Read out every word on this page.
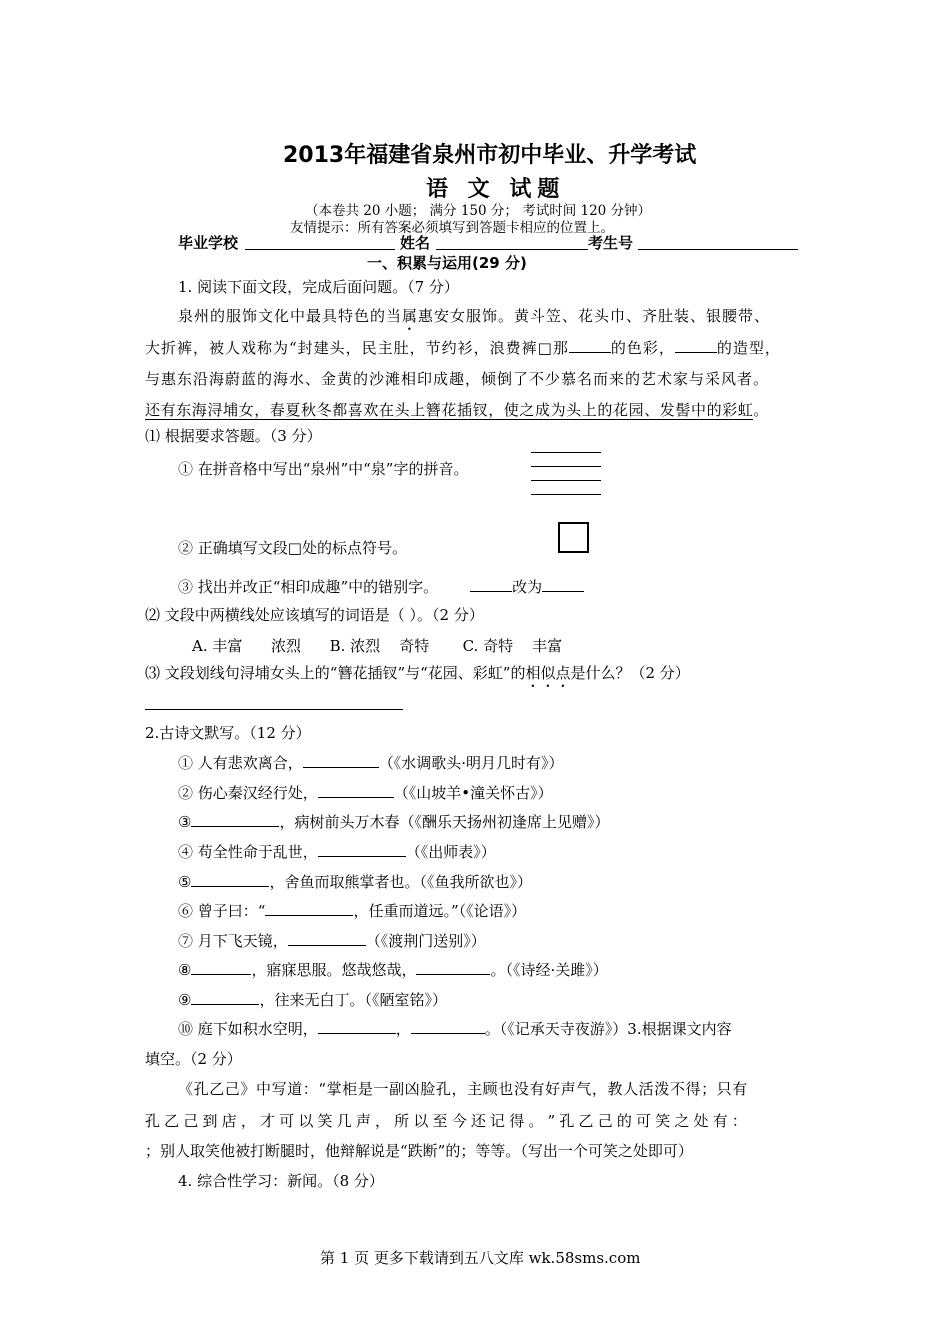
2013年福建省泉州市初中毕业、升学考试
语 文 试题
（本卷共 20 小题； 满分 150 分； 考试时间 120 分钟）
友情提示：所有答案必须填写到答题卡相应的位置上。
毕业学校	姓名	考生号
一、积累与运用(29 分)
1. 阅读下面文段，完成后面问题。（7 分）
泉州的服饰文化中最具特色的当属惠安女服饰。黄斗笠、花头巾、齐肚装、银腰带、
大折裤，被人戏称为“封建头，民主肚，节约衫，浪费裤□那	的色彩，	的造型，
与惠东沿海蔚蓝的海水、金黄的沙滩相印成趣，倾倒了不少慕名而来的艺术家与采风者。
还有东海浔埔女，春夏秋冬都喜欢在头上簪花插钗，使之成为头上的花园、发髻中的彩虹。
⑴ 根据要求答题。（3 分）
① 在拼音格中写出“泉州”中“泉”字的拼音。
② 正确填写文段□处的标点符号。
③ 找出并改正“相印成趣”中的错别字。	改为
⑵ 文段中两横线处应该填写的词语是（ ）。（2 分）
A. 丰富      浓烈      B. 浓烈    奇特       C. 奇特    丰富
⑶ 文段划线句浔埔女头上的“簪花插钗”与“花园、彩虹”的相似点是什么？（2 分）
2.古诗文默写。（12 分）
① 人有悲欢离合，	（《水调歌头·明月几时有》）
② 伤心秦汉经行处，	（《山坡羊•潼关怀古》）
③	，病树前头万木春（《酬乐天扬州初逢席上见赠》）
④ 苟全性命于乱世，	（《出师表》）
⑤	，舍鱼而取熊掌者也。（《鱼我所欲也》）
⑥ 曾子曰：“	，任重而道远。”（《论语》）
⑦ 月下飞天镜，	（《渡荆门送别》）
⑧	，寤寐思服。悠哉悠哉，	。（《诗经·关雎》）
⑨	，往来无白丁。（《陋室铭》）
⑩ 庭下如积水空明，	，	。（《记承天寺夜游》）3.根据课文内容
填空。（2 分）
《孔乙己》中写道：“掌柜是一副凶脸孔，主顾也没有好声气，教人活泼不得；只有
孔 乙 己 到 店 ， 才 可 以 笑 几 声 ， 所 以 至 今 还 记 得 。 ” 孔 乙 己 的 可 笑 之 处 有 ：
；别人取笑他被打断腿时，他辩解说是“跌断”的；等等。（写出一个可笑之处即可）
4. 综合性学习：新闻。（8 分）
第 1 页 更多下载请到五八文库 wk.58sms.com
